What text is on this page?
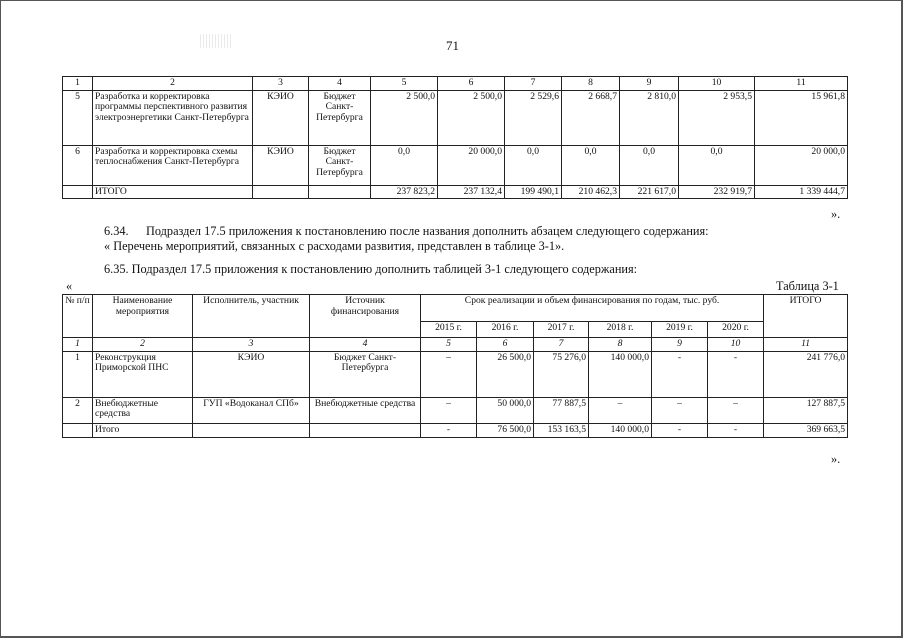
71
1	2	3	4	5	6	7	8	9	10	11
5	Разработка и корректировка программы перспективного развития электроэнергетики Санкт-Петербурга	КЭИО	Бюджет Санкт-Петербурга	2 500,0	2 500,0	2 529,6	2 668,7	2 810,0	2 953,5	15 961,8
6	Разработка и корректировка схемы теплоснабжения Санкт-Петербурга	КЭИО	Бюджет Санкт-Петербурга	0,0	20 000,0	0,0	0,0	0,0	0,0	20 000,0
	ИТОГО			237 823,2	237 132,4	199 490,1	210 462,3	221 617,0	232 919,7	1 339 444,7
».
6.34. Подраздел 17.5 приложения к постановлению после названия дополнить абзацем следующего содержания:
« Перечень мероприятий, связанных с расходами развития, представлен в таблице 3-1».
6.35. Подраздел 17.5 приложения к постановлению дополнить таблицей 3-1 следующего содержания:
«	Таблица 3-1
№ п/п	Наименование мероприятия	Исполнитель, участник	Источник финансирования	Срок реализации и объем финансирования по годам, тыс. руб.						ИТОГО
				2015 г.	2016 г.	2017 г.	2018 г.	2019 г.	2020 г.	
1	2	3	4	5	6	7	8	9	10	11
1	Реконструкция Приморской ПНС	КЭИО	Бюджет Санкт-Петербурга	–	26 500,0	75 276,0	140 000,0	-	-	241 776,0
2	Внебюджетные средства	ГУП «Водоканал СПб»	Внебюджетные средства	–	50 000,0	77 887,5	–	–	–	127 887,5
	Итого			-	76 500,0	153 163,5	140 000,0	-	-	369 663,5
».
